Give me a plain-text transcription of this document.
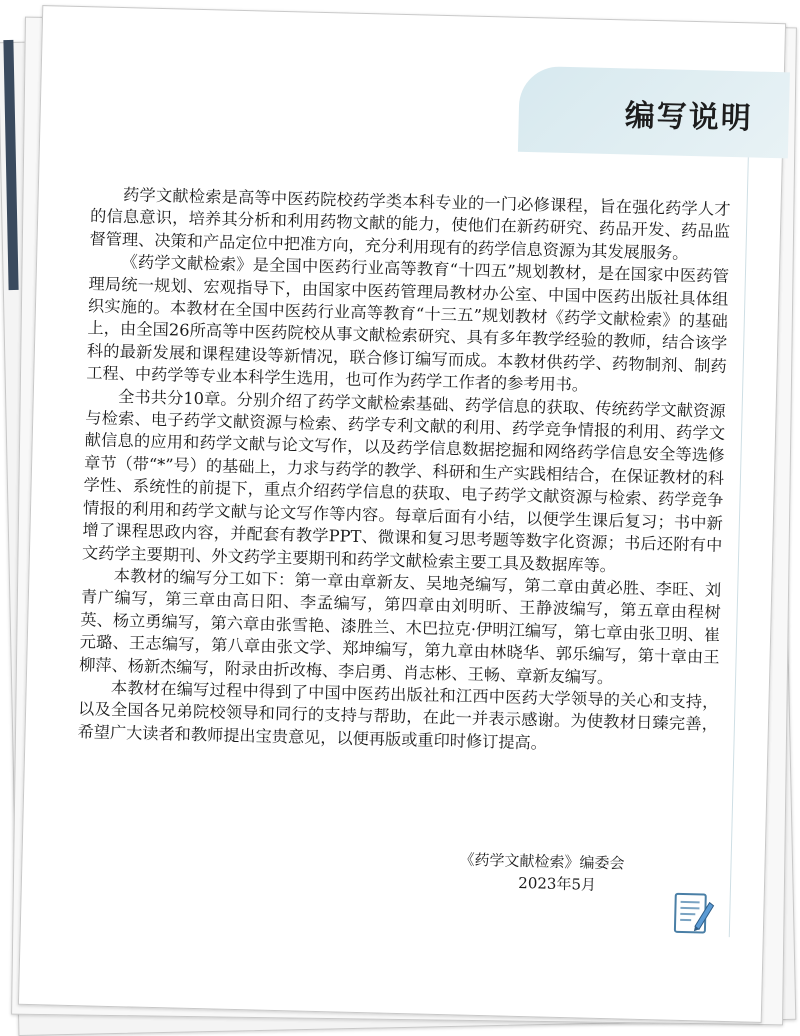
编写说明

药学文献检索是高等中医药院校药学类本科专业的一门必修课程，旨在强化药学人才的信息意识，培养其分析和利用药物文献的能力，使他们在新药研究、药品开发、药品监督管理、决策和产品定位中把准方向，充分利用现有的药学信息资源为其发展服务。

《药学文献检索》是全国中医药行业高等教育“十四五”规划教材，是在国家中医药管理局统一规划、宏观指导下，由国家中医药管理局教材办公室、中国中医药出版社具体组织实施的。本教材在全国中医药行业高等教育“十三五”规划教材《药学文献检索》的基础上，由全国26所高等中医药院校从事文献检索研究、具有多年教学经验的教师，结合该学科的最新发展和课程建设等新情况，联合修订编写而成。本教材供药学、药物制剂、制药工程、中药学等专业本科学生选用，也可作为药学工作者的参考用书。

全书共分10章。分别介绍了药学文献检索基础、药学信息的获取、传统药学文献资源与检索、电子药学文献资源与检索、药学专利文献的利用、药学竞争情报的利用、药学文献信息的应用和药学文献与论文写作，以及药学信息数据挖掘和网络药学信息安全等选修章节（带“*”号）的基础上，力求与药学的教学、科研和生产实践相结合，在保证教材的科学性、系统性的前提下，重点介绍药学信息的获取、电子药学文献资源与检索、药学竞争情报的利用和药学文献与论文写作等内容。每章后面有小结，以便学生课后复习；书中新增了课程思政内容，并配套有教学PPT、微课和复习思考题等数字化资源；书后还附有中文药学主要期刊、外文药学主要期刊和药学文献检索主要工具及数据库等。

本教材的编写分工如下：第一章由章新友、吴地尧编写，第二章由黄必胜、李旺、刘青广编写，第三章由高日阳、李孟编写，第四章由刘明昕、王静波编写，第五章由程树英、杨立勇编写，第六章由张雪艳、漆胜兰、木巴拉克·伊明江编写，第七章由张卫明、崔元璐、王志编写，第八章由张文学、郑坤编写，第九章由林晓华、郭乐编写，第十章由王柳萍、杨新杰编写，附录由折改梅、李启勇、肖志彬、王畅、章新友编写。

本教材在编写过程中得到了中国中医药出版社和江西中医药大学领导的关心和支持，以及全国各兄弟院校领导和同行的支持与帮助，在此一并表示感谢。为使教材日臻完善，希望广大读者和教师提出宝贵意见，以便再版或重印时修订提高。

《药学文献检索》编委会
2023年5月
